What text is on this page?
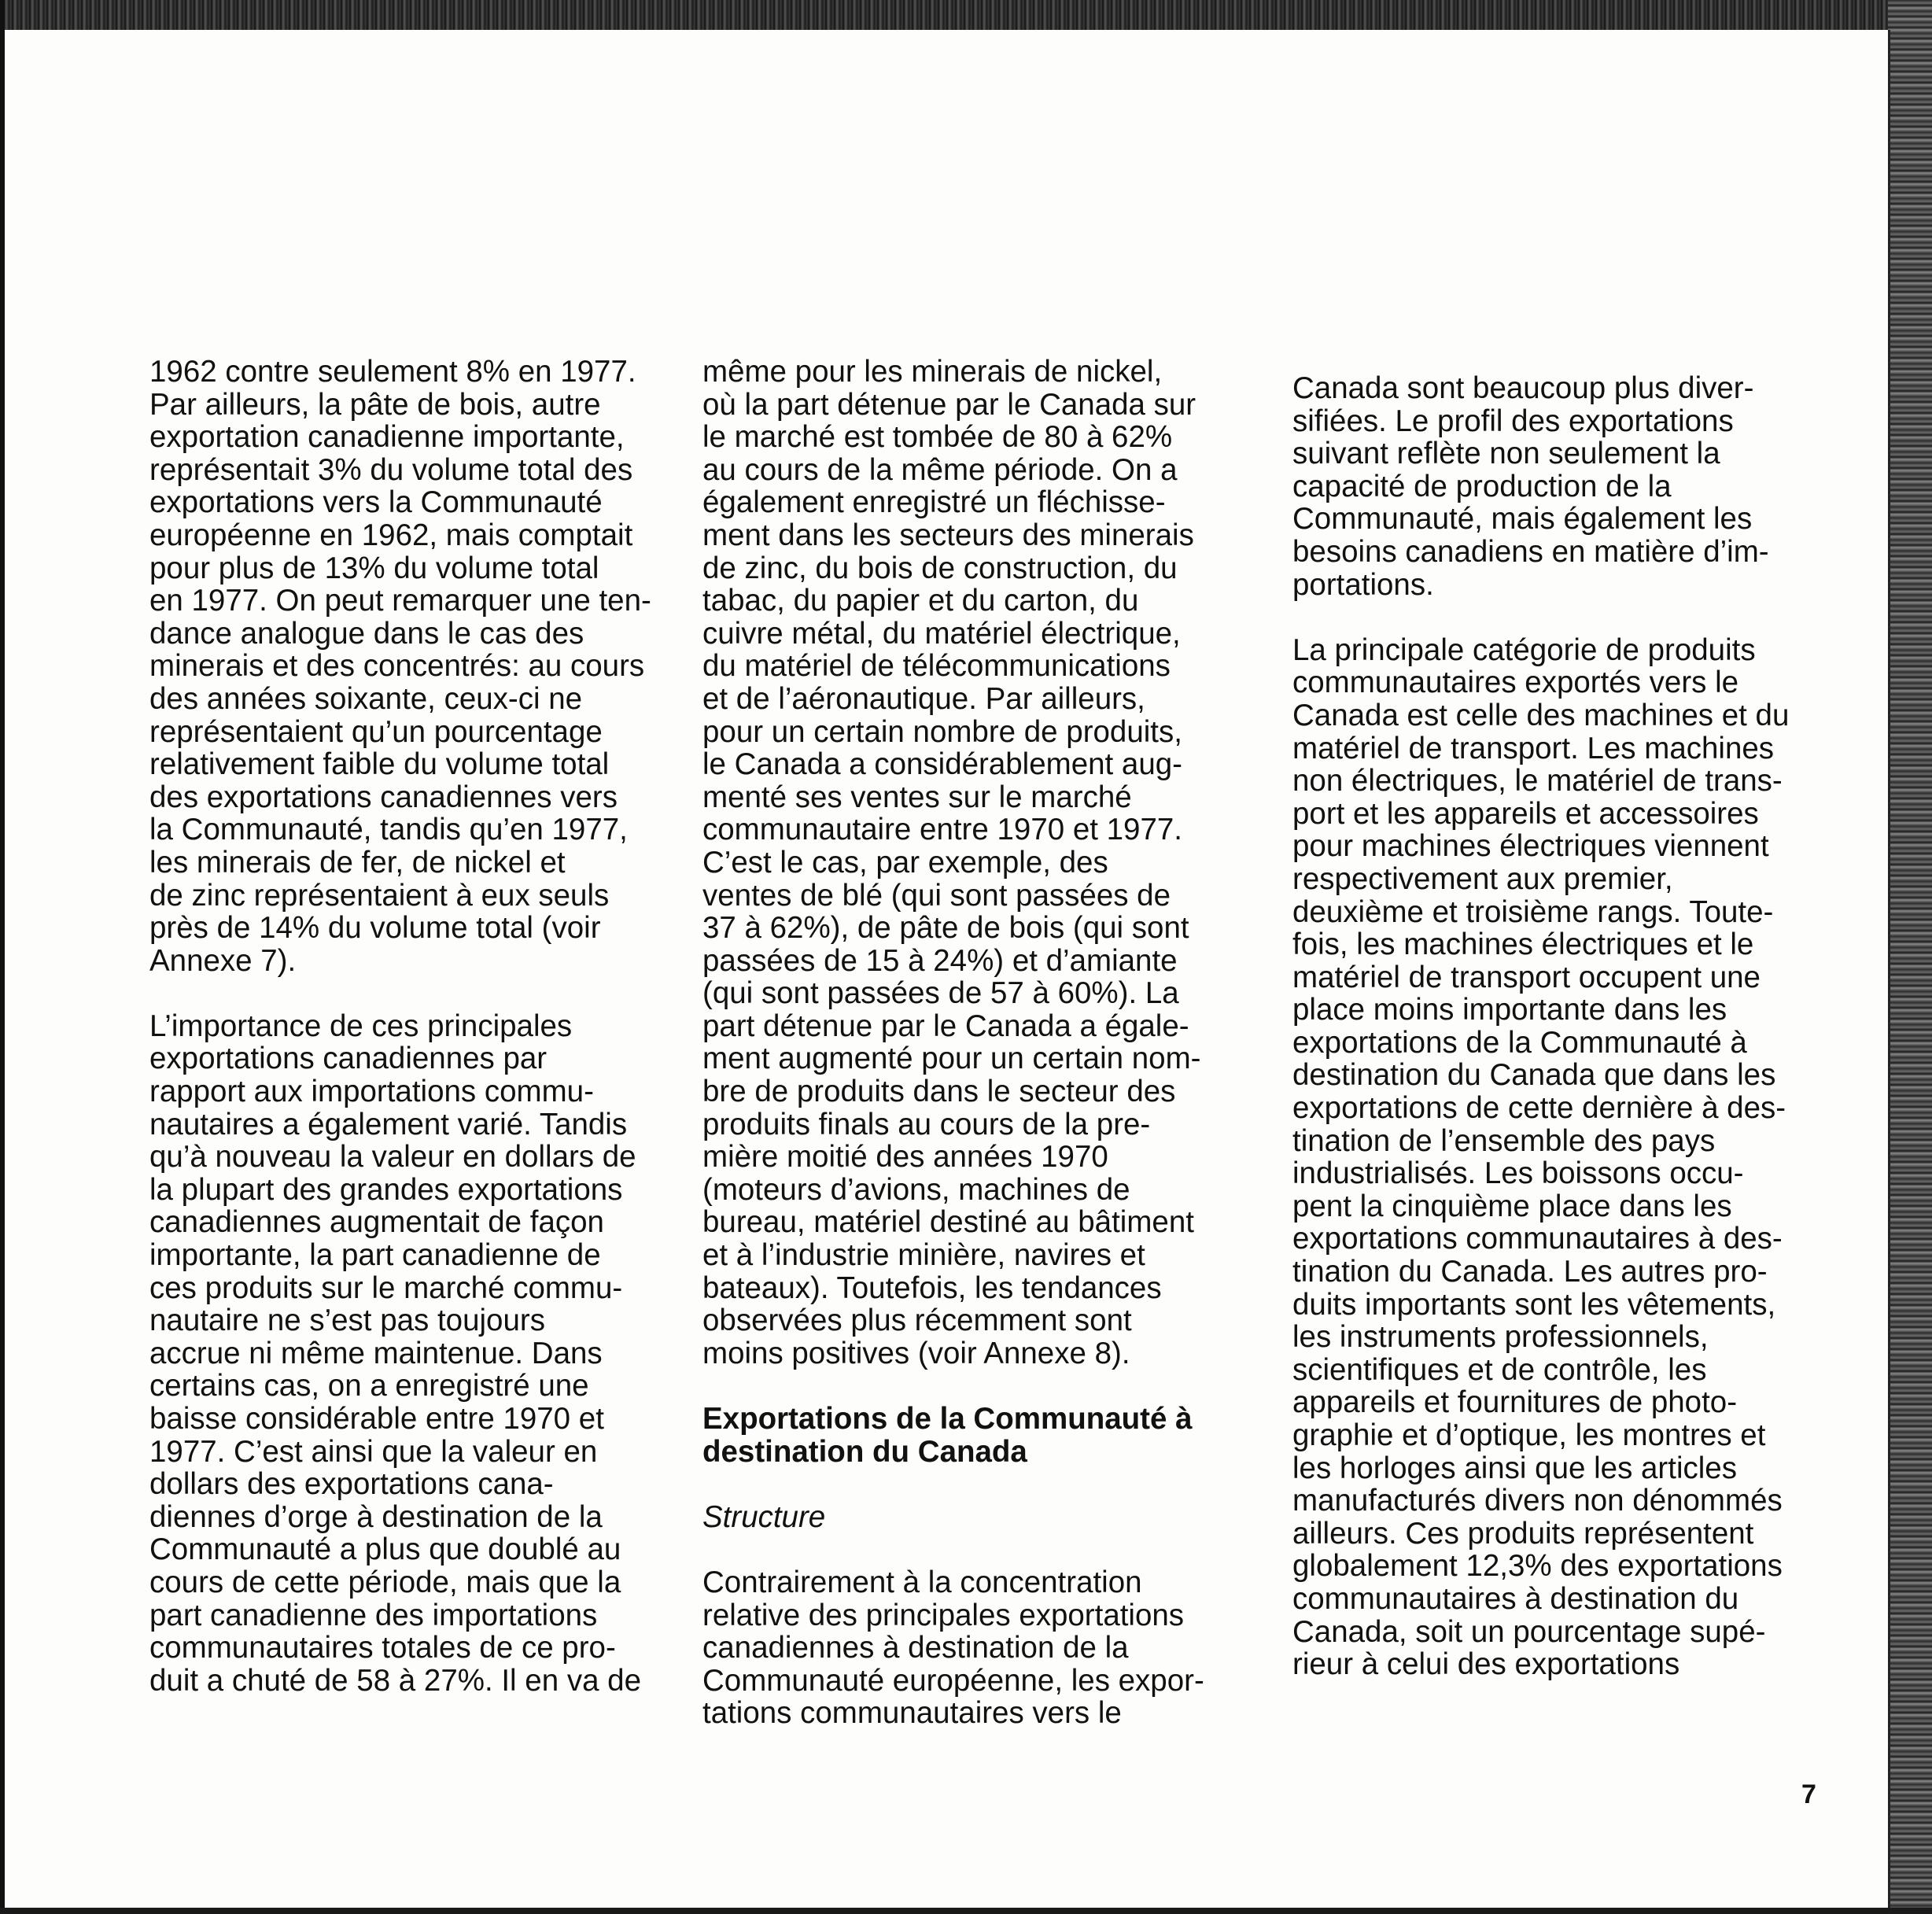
1962 contre seulement 8% en 1977.
Par ailleurs, la pâte de bois, autre
exportation canadienne importante,
représentait 3% du volume total des
exportations vers la Communauté
européenne en 1962, mais comptait
pour plus de 13% du volume total
en 1977. On peut remarquer une ten-
dance analogue dans le cas des
minerais et des concentrés: au cours
des années soixante, ceux-ci ne
représentaient qu’un pourcentage
relativement faible du volume total
des exportations canadiennes vers
la Communauté, tandis qu’en 1977,
les minerais de fer, de nickel et
de zinc représentaient à eux seuls
près de 14% du volume total (voir
Annexe 7).
L’importance de ces principales
exportations canadiennes par
rapport aux importations commu-
nautaires a également varié. Tandis
qu’à nouveau la valeur en dollars de
la plupart des grandes exportations
canadiennes augmentait de façon
importante, la part canadienne de
ces produits sur le marché commu-
nautaire ne s’est pas toujours
accrue ni même maintenue. Dans
certains cas, on a enregistré une
baisse considérable entre 1970 et
1977. C’est ainsi que la valeur en
dollars des exportations cana-
diennes d’orge à destination de la
Communauté a plus que doublé au
cours de cette période, mais que la
part canadienne des importations
communautaires totales de ce pro-
duit a chuté de 58 à 27%. Il en va de
même pour les minerais de nickel,
où la part détenue par le Canada sur
le marché est tombée de 80 à 62%
au cours de la même période. On a
également enregistré un fléchisse-
ment dans les secteurs des minerais
de zinc, du bois de construction, du
tabac, du papier et du carton, du
cuivre métal, du matériel électrique,
du matériel de télécommunications
et de l’aéronautique. Par ailleurs,
pour un certain nombre de produits,
le Canada a considérablement aug-
menté ses ventes sur le marché
communautaire entre 1970 et 1977.
C’est le cas, par exemple, des
ventes de blé (qui sont passées de
37 à 62%), de pâte de bois (qui sont
passées de 15 à 24%) et d’amiante
(qui sont passées de 57 à 60%). La
part détenue par le Canada a égale-
ment augmenté pour un certain nom-
bre de produits dans le secteur des
produits finals au cours de la pre-
mière moitié des années 1970
(moteurs d’avions, machines de
bureau, matériel destiné au bâtiment
et à l’industrie minière, navires et
bateaux). Toutefois, les tendances
observées plus récemment sont
moins positives (voir Annexe 8).
Exportations de la Communauté à
destination du Canada
Structure
Contrairement à la concentration
relative des principales exportations
canadiennes à destination de la
Communauté européenne, les expor-
tations communautaires vers le
Canada sont beaucoup plus diver-
sifiées. Le profil des exportations
suivant reflète non seulement la
capacité de production de la
Communauté, mais également les
besoins canadiens en matière d’im-
portations.
La principale catégorie de produits
communautaires exportés vers le
Canada est celle des machines et du
matériel de transport. Les machines
non électriques, le matériel de trans-
port et les appareils et accessoires
pour machines électriques viennent
respectivement aux premier,
deuxième et troisième rangs. Toute-
fois, les machines électriques et le
matériel de transport occupent une
place moins importante dans les
exportations de la Communauté à
destination du Canada que dans les
exportations de cette dernière à des-
tination de l’ensemble des pays
industrialisés. Les boissons occu-
pent la cinquième place dans les
exportations communautaires à des-
tination du Canada. Les autres pro-
duits importants sont les vêtements,
les instruments professionnels,
scientifiques et de contrôle, les
appareils et fournitures de photo-
graphie et d’optique, les montres et
les horloges ainsi que les articles
manufacturés divers non dénommés
ailleurs. Ces produits représentent
globalement 12,3% des exportations
communautaires à destination du
Canada, soit un pourcentage supé-
rieur à celui des exportations
7
